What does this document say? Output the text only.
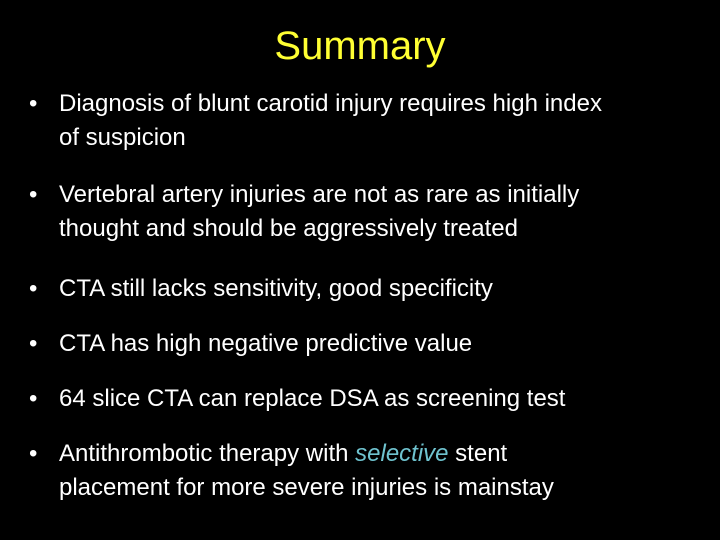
Summary
• Diagnosis of blunt carotid injury requires high index
of suspicion
• Vertebral artery injuries are not as rare as initially
thought and should be aggressively treated
• CTA still lacks sensitivity, good specificity
• CTA has high negative predictive value
• 64 slice CTA can replace DSA as screening test
• Antithrombotic therapy with selective stent
placement for more severe injuries is mainstay
